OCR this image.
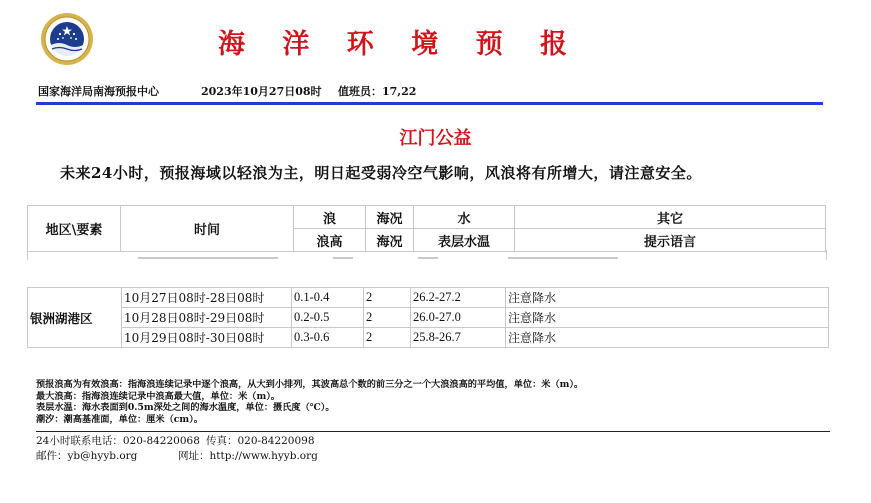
海 洋 环 境 预 报
国家海洋局南海预报中心	2023年10月27日08时 值班员：17,22
江门公益

未来24小时，预报海域以轻浪为主，明日起受弱冷空气影响，风浪将有所增大，请注意安全。

地区\要素	时间	浪	海况	水	其它
		浪高	海况	表层水温	提示语言
银洲湖港区	10月27日08时-28日08时	0.1-0.4	2	26.2-27.2	注意降水
	10月28日08时-29日08时	0.2-0.5	2	26.0-27.0	注意降水
	10月29日08时-30日08时	0.3-0.6	2	25.8-26.7	注意降水
预报浪高为有效浪高：指海浪连续记录中逐个浪高，从大到小排列，其波高总个数的前三分之一个大浪浪高的平均值，单位：米（m）。
最大浪高：指海浪连续记录中浪高最大值，单位：米（m）。
表层水温：海水表面到0.5m深处之间的海水温度，单位：摄氏度（℃）。
潮汐：潮高基准面，单位：厘米（cm）。
24小时联系电话：020-84220068 传真：020-84220098
邮件：yb@hyyb.org	网址：http://www.hyyb.org
